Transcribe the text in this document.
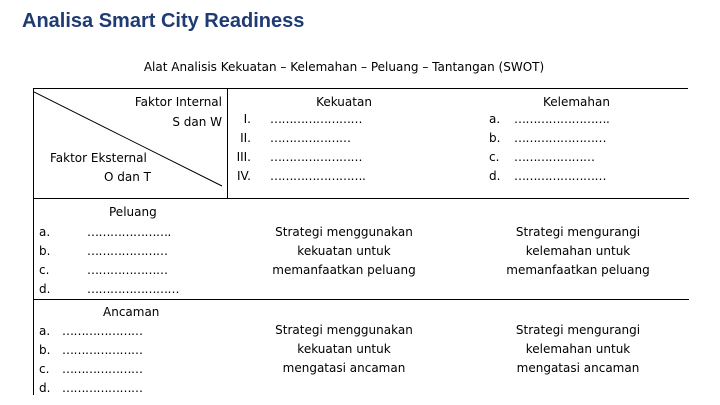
Analisa Smart City Readiness
Alat Analisis Kekuatan – Kelemahan – Peluang – Tantangan (SWOT)
Faktor Internal
S dan W
Faktor Eksternal
O dan T
Kekuatan
I.
II.
III.
IV.
……………………
…………………
……………………
…………………….
Kelemahan
a.
b.
c.
d.
…………………….
……………………
…………………
……………………
Peluang
a.
b.
c.
d.
………………….
…………………
…………………
……………………
Strategi menggunakan kekuatan untuk memanfaatkan peluang
Strategi mengurangi kelemahan untuk memanfaatkan peluang
Ancaman
a.
b.
c.
d.
…………………
…………………
…………………
…………………
Strategi menggunakan kekuatan untuk mengatasi ancaman
Strategi mengurangi kelemahan untuk mengatasi ancaman
